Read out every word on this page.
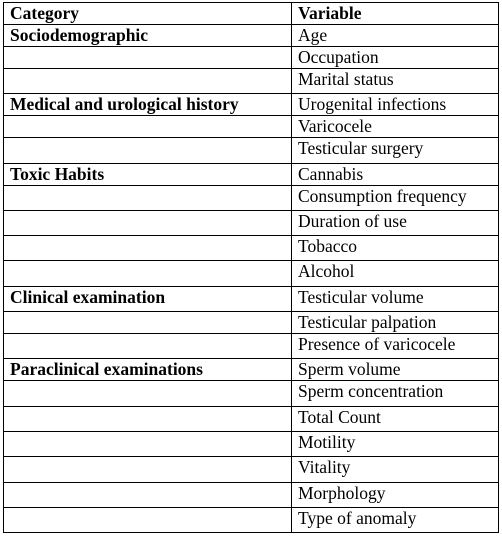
Category	Variable
Sociodemographic	Age
	Occupation
	Marital status
Medical and urological history	Urogenital infections
	Varicocele
	Testicular surgery
Toxic Habits	Cannabis
	Consumption frequency
	Duration of use
	Tobacco
	Alcohol
Clinical examination	Testicular volume
	Testicular palpation
	Presence of varicocele
Paraclinical examinations	Sperm volume
	Sperm concentration
	Total Count
	Motility
	Vitality
	Morphology
	Type of anomaly
